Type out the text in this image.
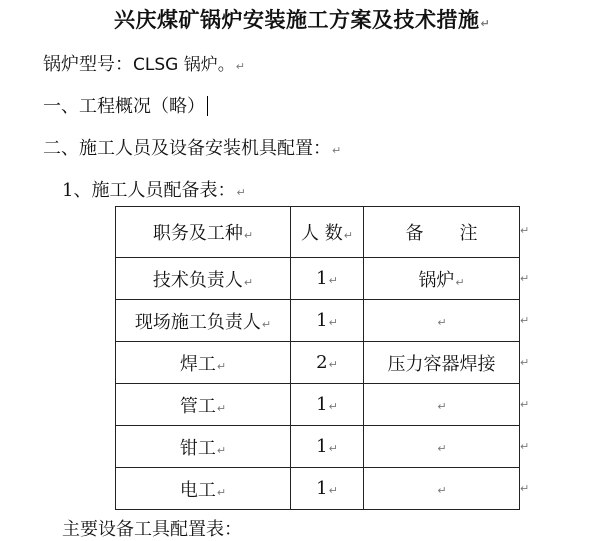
兴庆煤矿锅炉安装施工方案及技术措施↵
锅炉型号：CLSG 锅炉。↵
一、工程概况（略）
二、施工人员及设备安装机具配置：↵
1、施工人员配备表：↵
职务及工种↵	人 数↵	备　　注
技术负责人↵	1↵	锅炉↵
现场施工负责人↵	1↵	↵
焊工↵	2↵	压力容器焊接
管工↵	1↵	↵
钳工↵	1↵	↵
电工↵	1↵	↵
↵
↵
↵
↵
↵
↵
↵
主要设备工具配置表：
